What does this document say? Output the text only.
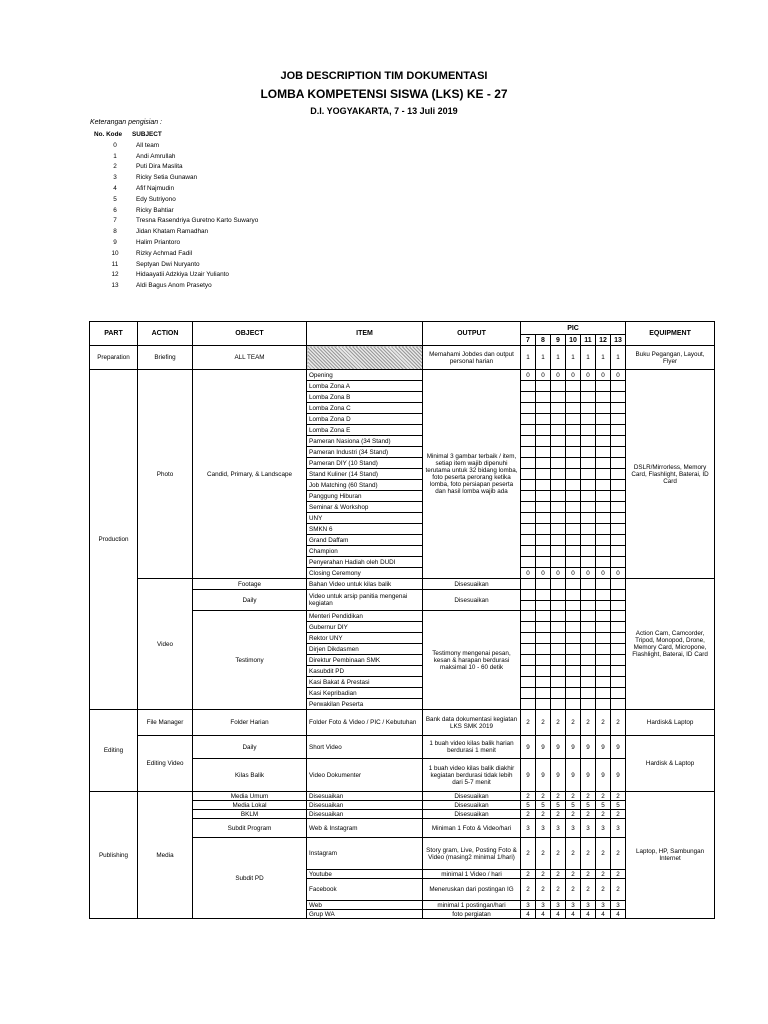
JOB DESCRIPTION TIM DOKUMENTASI
LOMBA KOMPETENSI SISWA (LKS) KE - 27
D.I. YOGYAKARTA, 7 - 13 Juli 2019
Keterangan pengisian :
No. Kode	SUBJECT
0	All team
1	Andi Amrullah
2	Puti Dira Maslita
3	Ricky Setia Gunawan
4	Afif Najmudin
5	Edy Sutriyono
6	Ricky Bahtiar
7	Tresna Rasendriya Guretno Karto Suwaryo
8	Jidan Khatam Ramadhan
9	Halim Priantoro
10	Rizky Achmad Fadil
11	Septyan Dwi Nuryanto
12	Hidaayatii Adzkiya Uzair Yulianto
13	Aldi Bagus Anom Prasetyo
PART	ACTION	OBJECT	ITEM	OUTPUT	PIC							EQUIPMENT
					7	8	9	10	11	12	13	
Preparation	Briefing	ALL TEAM		Memahami Jobdes dan output personal harian	1	1	1	1	1	1	1	Buku Pegangan, Layout, Flyer
Production	Photo	Candid, Primary, & Landscape	Opening	Minimal 3 gambar terbaik / item, setiap item wajib dipenuhi terutama untuk 32 bidang lomba, foto peserta perorang ketika lomba, foto persiapan peserta dan hasil lomba wajib ada	0	0	0	0	0	0	0	DSLR/Mirrorless, Memory Card, Flashlight, Baterai, ID Card
			Lomba Zona A									
			Lomba Zona B									
			Lomba Zona C									
			Lomba Zona D									
			Lomba Zona E									
			Pameran Nasiona (34 Stand)									
			Pameran Industri (34 Stand)									
			Pameran DIY (10 Stand)									
			Stand Kuliner (14 Stand)									
			Job Matching (60 Stand)									
			Panggung Hiburan									
			Seminar & Workshop									
			UNY									
			SMKN 6									
			Grand Daffam									
			Champion									
			Penyerahan Hadiah oleh DUDI									
			Closing Ceremony		0	0	0	0	0	0	0	
	Video	Footage	Bahan Video untuk kilas balik	Disesuaikan								Action Cam, Camcorder, Tripod, Monopod, Drone, Memory Card, Micropone, Flashlight, Baterai, ID Card
		Daily	Video untuk arsip panitia mengenai kegiatan	Disesuaikan								

		Testimony	Menteri Pendidikan	Testimony mengenai pesan, kesan & harapan berdurasi maksimal 10 - 60 detik								
			Gubernur DIY									
			Rektor UNY									
			Dirjen Dikdasmen									
			Direktur Pembinaan SMK									
			Kasubdit PD									
			Kasi Bakat & Prestasi									
			Kasi Kepribadian									
			Perwakilan Peserta									
Editing	File Manager	Folder Harian	Folder Foto & Video / PIC / Kebutuhan	Bank data dokumentasi kegiatan LKS SMK 2019	2	2	2	2	2	2	2	Hardisk& Laptop
	Editing Video	Daily	Short Video	1 buah video kilas balik harian berdurasi 1 menit	9	9	9	9	9	9	9	Hardisk & Laptop
		Kilas Balik	Video Dokumenter	1 buah video kilas balik diakhir kegiatan berdurasi tidak lebih dari 5-7 menit	9	9	9	9	9	9	9	
Publishing	Media	Media Umum	Disesuaikan	Disesuaikan	2	2	2	2	2	2	2	Laptop, HP, Sambungan Internet
		Media Lokal	Disesuaikan	Disesuaikan	5	5	5	5	5	5	5	
		BKLM	Disesuaikan	Disesuaikan	2	2	2	2	2	2	2	
		Subdit Program	Web & Instagram	Miniman 1 Foto & Video/hari	3	3	3	3	3	3	3	
		Subdit PD	Instagram	Story gram, Live, Posting Foto & Video (masing2 minimal 1/hari)	2	2	2	2	2	2	2	
			Youtube	minimal 1 Video / hari	2	2	2	2	2	2	2	
			Facebook	Meneruskan dari postingan IG	2	2	2	2	2	2	2	
			Web	minimal 1 postingan/hari	3	3	3	3	3	3	3	
			Grup WA	foto pergiatan	4	4	4	4	4	4	4	
